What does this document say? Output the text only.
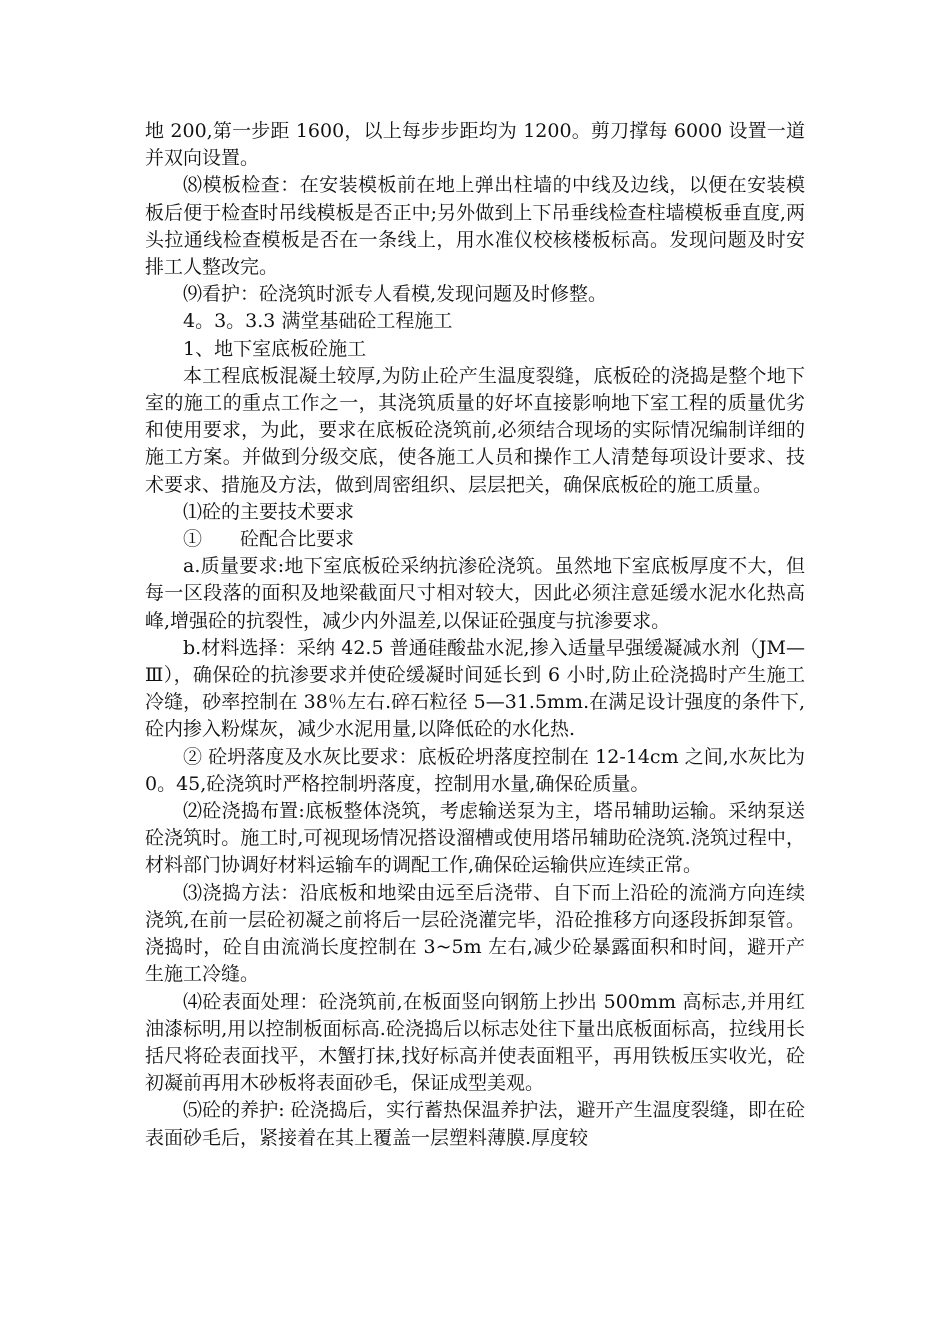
地 200,第一步距 1600，以上每步步距均为 1200。剪刀撑每 6000 设置一道并双向设置。

⑻模板检查：在安装模板前在地上弹出柱墙的中线及边线，以便在安装模板后便于检查时吊线模板是否正中;另外做到上下吊垂线检查柱墙模板垂直度,两头拉通线检查模板是否在一条线上，用水准仪校核楼板标高。发现问题及时安排工人整改完。

⑼看护：砼浇筑时派专人看模,发现问题及时修整。

4。3。3.3 满堂基础砼工程施工

1、地下室底板砼施工

本工程底板混凝土较厚,为防止砼产生温度裂缝，底板砼的浇捣是整个地下室的施工的重点工作之一，其浇筑质量的好坏直接影响地下室工程的质量优劣和使用要求，为此，要求在底板砼浇筑前,必须结合现场的实际情况编制详细的施工方案。并做到分级交底，使各施工人员和操作工人清楚每项设计要求、技术要求、措施及方法，做到周密组织、层层把关，确保底板砼的施工质量。

⑴砼的主要技术要求

①　　砼配合比要求

a.质量要求:地下室底板砼采纳抗渗砼浇筑。虽然地下室底板厚度不大，但每一区段落的面积及地梁截面尺寸相对较大，因此必须注意延缓水泥水化热高峰,增强砼的抗裂性，减少内外温差,以保证砼强度与抗渗要求。

b.材料选择：采纳 42.5 普通硅酸盐水泥,掺入适量早强缓凝减水剂（JM—Ⅲ），确保砼的抗渗要求并使砼缓凝时间延长到 6 小时,防止砼浇捣时产生施工冷缝，砂率控制在 38％左右.碎石粒径 5—31.5mm.在满足设计强度的条件下,砼内掺入粉煤灰，减少水泥用量,以降低砼的水化热.

② 砼坍落度及水灰比要求：底板砼坍落度控制在 12-14cm 之间,水灰比为 0。45,砼浇筑时严格控制坍落度，控制用水量,确保砼质量。

⑵砼浇捣布置:底板整体浇筑，考虑输送泵为主，塔吊辅助运输。采纳泵送砼浇筑时。施工时,可视现场情况搭设溜槽或使用塔吊辅助砼浇筑.浇筑过程中，材料部门协调好材料运输车的调配工作,确保砼运输供应连续正常。

⑶浇捣方法：沿底板和地梁由远至后浇带、自下而上沿砼的流淌方向连续浇筑,在前一层砼初凝之前将后一层砼浇灌完毕，沿砼推移方向逐段拆卸泵管。浇捣时，砼自由流淌长度控制在 3~5m 左右,减少砼暴露面积和时间，避开产生施工冷缝。

⑷砼表面处理：砼浇筑前,在板面竖向钢筋上抄出 500mm 高标志,并用红油漆标明,用以控制板面标高.砼浇捣后以标志处往下量出底板面标高，拉线用长括尺将砼表面找平，木蟹打抹,找好标高并使表面粗平，再用铁板压实收光，砼初凝前再用木砂板将表面砂毛，保证成型美观。

⑸砼的养护: 砼浇捣后，实行蓄热保温养护法，避开产生温度裂缝，即在砼表面砂毛后，紧接着在其上覆盖一层塑料薄膜.厚度较
